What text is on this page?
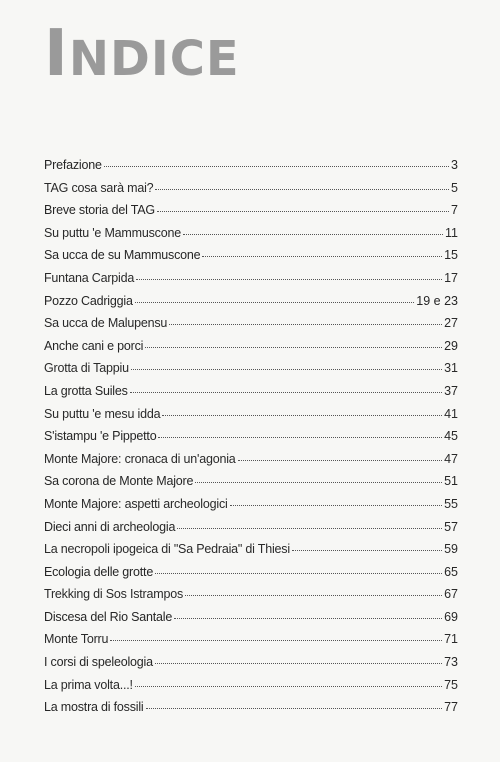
INDICE
Prefazione	3
TAG cosa sarà mai?	5
Breve storia del TAG	7
Su puttu 'e Mammuscone	11
Sa ucca de su Mammuscone	15
Funtana Carpida	17
Pozzo Cadriggia	19 e 23
Sa ucca de Malupensu	27
Anche cani e porci	29
Grotta di Tappiu	31
La grotta Suiles	37
Su puttu 'e mesu idda	41
S'istampu 'e Pippetto	45
Monte Majore: cronaca di un'agonia	47
Sa corona de Monte Majore	51
Monte Majore: aspetti archeologici	55
Dieci anni di archeologia	57
La necropoli ipogeica di "Sa Pedraia" di Thiesi	59
Ecologia delle grotte	65
Trekking di Sos Istrampos	67
Discesa del Rio Santale	69
Monte Torru	71
I corsi di speleologia	73
La prima volta...!	75
La mostra di fossili	77
